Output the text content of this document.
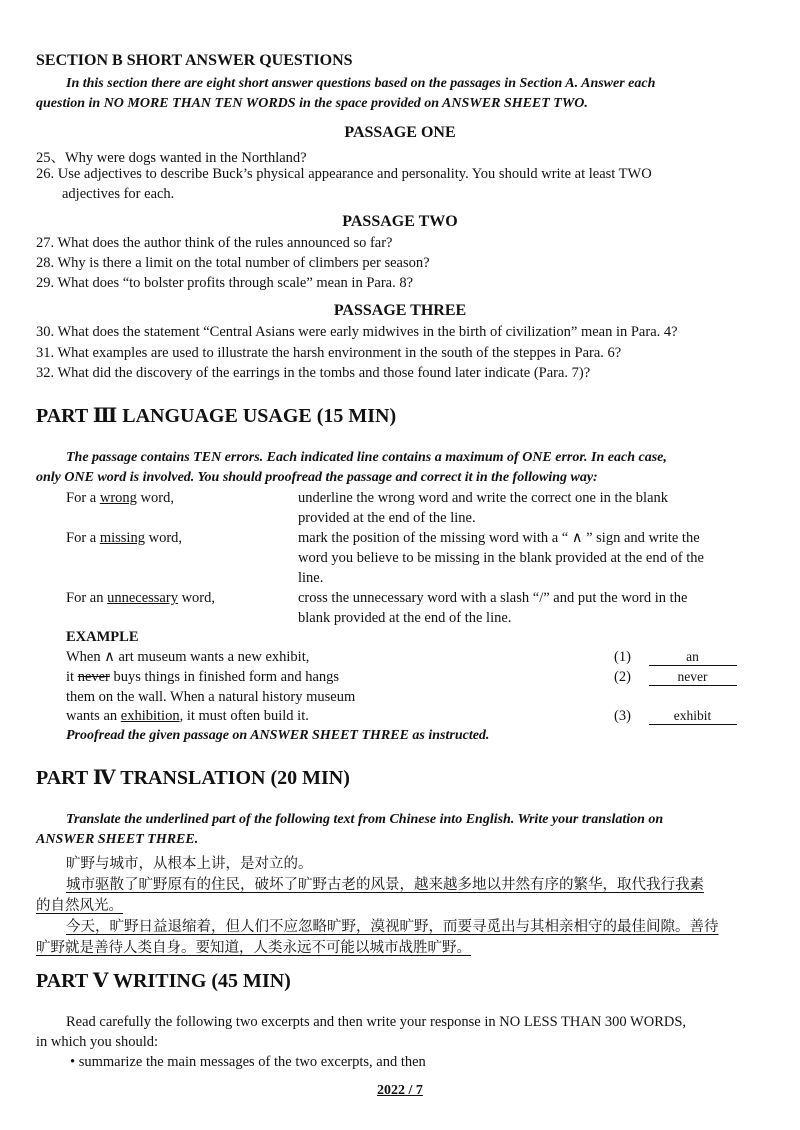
SECTION B SHORT ANSWER QUESTIONS
In this section there are eight short answer questions based on the passages in Section A. Answer each
question in NO MORE THAN TEN WORDS in the space provided on ANSWER SHEET TWO.
PASSAGE ONE
25、Why were dogs wanted in the Northland?
26. Use adjectives to describe Buck’s physical appearance and personality. You should write at least TWO
adjectives for each.
PASSAGE TWO
27. What does the author think of the rules announced so far?
28. Why is there a limit on the total number of climbers per season?
29. What does “to bolster profits through scale” mean in Para. 8?
PASSAGE THREE
30. What does the statement “Central Asians were early midwives in the birth of civilization” mean in Para. 4?
31. What examples are used to illustrate the harsh environment in the south of the steppes in Para. 6?
32. What did the discovery of the earrings in the tombs and those found later indicate (Para. 7)?
PART Ⅲ LANGUAGE USAGE (15 MIN)
The passage contains TEN errors. Each indicated line contains a maximum of ONE error. In each case,
only ONE word is involved. You should proofread the passage and correct it in the following way:
For a wrong word,	underline the wrong word and write the correct one in the blank
provided at the end of the line.
For a missing word,	mark the position of the missing word with a “ ∧ ” sign and write the
word you believe to be missing in the blank provided at the end of the
line.
For an unnecessary word,	cross the unnecessary word with a slash “/” and put the word in the
blank provided at the end of the line.
EXAMPLE
When ∧ art museum wants a new exhibit,
it never buys things in finished form and hangs
them on the wall. When a natural history museum
wants an exhibition, it must often build it.
(1)	an
(2)	never
(3)	exhibit
Proofread the given passage on ANSWER SHEET THREE as instructed.
PART Ⅳ TRANSLATION (20 MIN)
Translate the underlined part of the following text from Chinese into English. Write your translation on
ANSWER SHEET THREE.
旷野与城市，从根本上讲，是对立的。
城市驱散了旷野原有的住民，破坏了旷野古老的风景，越来越多地以井然有序的繁华，取代我行我素
的自然风光。
今天，旷野日益退缩着，但人们不应忽略旷野，漠视旷野，而要寻觅出与其相亲相守的最佳间隙。善待
旷野就是善待人类自身。要知道，人类永远不可能以城市战胜旷野。
PART Ⅴ WRITING (45 MIN)
Read carefully the following two excerpts and then write your response in NO LESS THAN 300 WORDS,
in which you should:
• summarize the main messages of the two excerpts, and then
2022 / 7
